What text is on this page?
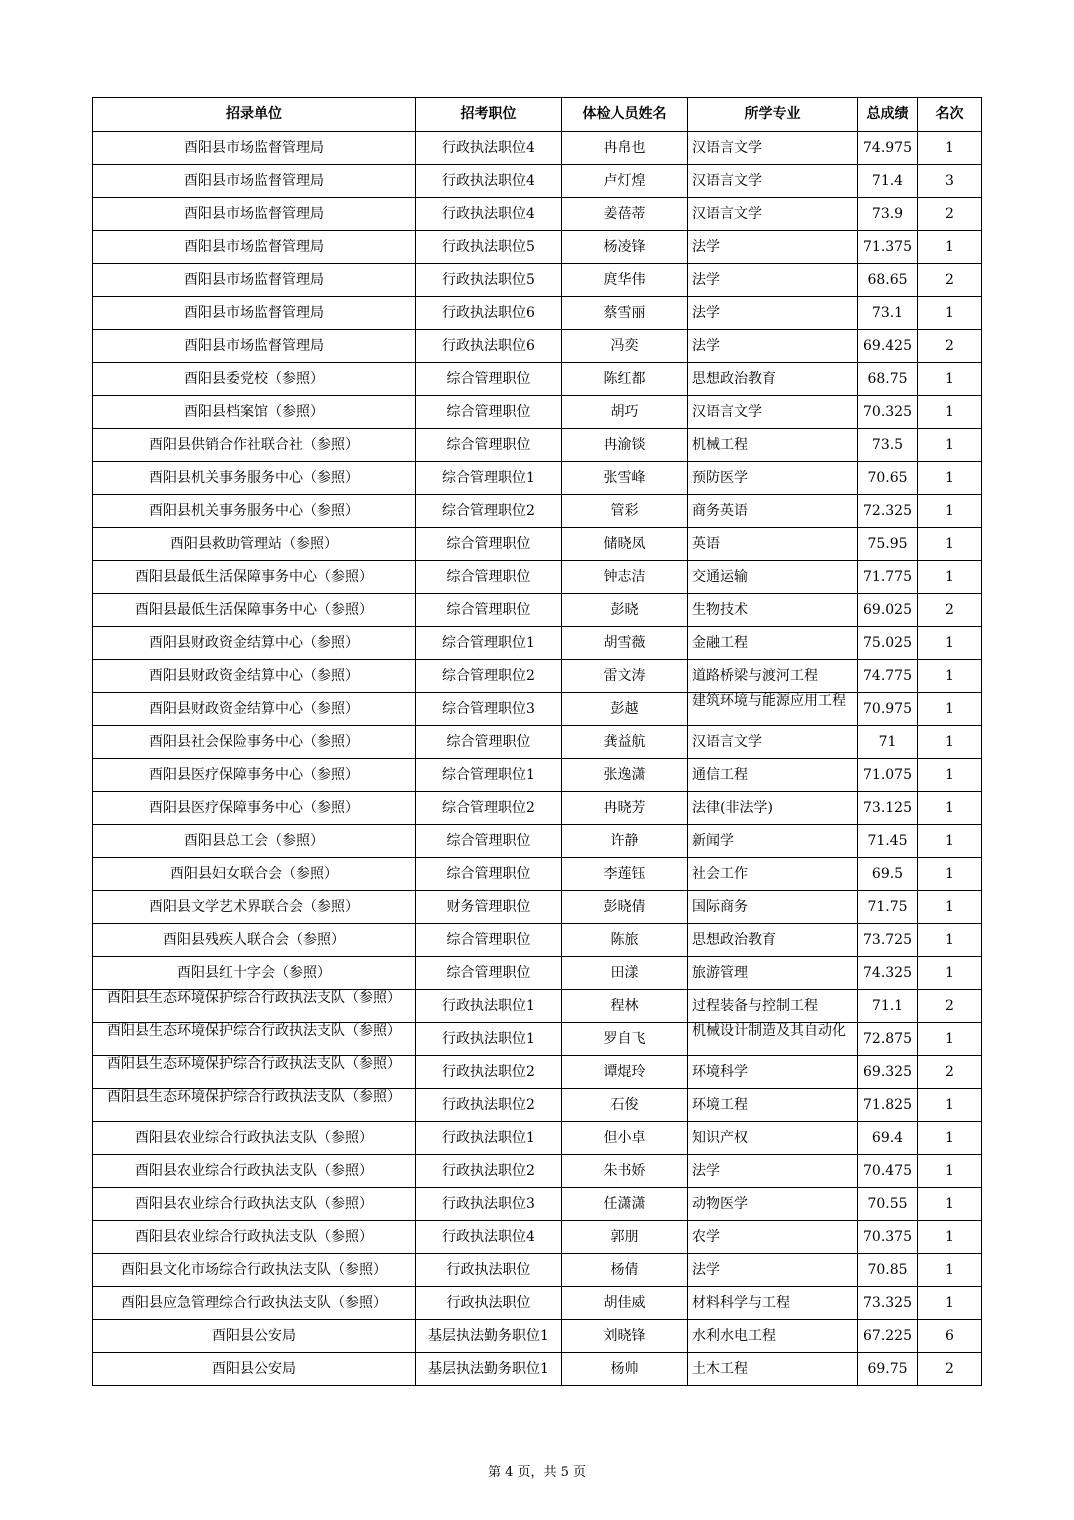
招录单位	招考职位	体检人员姓名	所学专业	总成绩	名次
酉阳县市场监督管理局	行政执法职位4	冉帛也	汉语言文学	74.975	1
酉阳县市场监督管理局	行政执法职位4	卢灯煌	汉语言文学	71.4	3
酉阳县市场监督管理局	行政执法职位4	姜蓓蒂	汉语言文学	73.9	2
酉阳县市场监督管理局	行政执法职位5	杨凌锋	法学	71.375	1
酉阳县市场监督管理局	行政执法职位5	庹华伟	法学	68.65	2
酉阳县市场监督管理局	行政执法职位6	蔡雪丽	法学	73.1	1
酉阳县市场监督管理局	行政执法职位6	冯奕	法学	69.425	2
酉阳县委党校（参照）	综合管理职位	陈红都	思想政治教育	68.75	1
酉阳县档案馆（参照）	综合管理职位	胡巧	汉语言文学	70.325	1
酉阳县供销合作社联合社（参照）	综合管理职位	冉渝锬	机械工程	73.5	1
酉阳县机关事务服务中心（参照）	综合管理职位1	张雪峰	预防医学	70.65	1
酉阳县机关事务服务中心（参照）	综合管理职位2	管彩	商务英语	72.325	1
酉阳县救助管理站（参照）	综合管理职位	储晓凤	英语	75.95	1
酉阳县最低生活保障事务中心（参照）	综合管理职位	钟志洁	交通运输	71.775	1
酉阳县最低生活保障事务中心（参照）	综合管理职位	彭晓	生物技术	69.025	2
酉阳县财政资金结算中心（参照）	综合管理职位1	胡雪薇	金融工程	75.025	1
酉阳县财政资金结算中心（参照）	综合管理职位2	雷文涛	道路桥梁与渡河工程	74.775	1
酉阳县财政资金结算中心（参照）	综合管理职位3	彭越	建筑环境与能源应用工程	70.975	1
酉阳县社会保险事务中心（参照）	综合管理职位	龚益航	汉语言文学	71	1
酉阳县医疗保障事务中心（参照）	综合管理职位1	张逸潇	通信工程	71.075	1
酉阳县医疗保障事务中心（参照）	综合管理职位2	冉晓芳	法律(非法学)	73.125	1
酉阳县总工会（参照）	综合管理职位	许静	新闻学	71.45	1
酉阳县妇女联合会（参照）	综合管理职位	李莲钰	社会工作	69.5	1
酉阳县文学艺术界联合会（参照）	财务管理职位	彭晓倩	国际商务	71.75	1
酉阳县残疾人联合会（参照）	综合管理职位	陈旅	思想政治教育	73.725	1
酉阳县红十字会（参照）	综合管理职位	田漾	旅游管理	74.325	1
酉阳县生态环境保护综合行政执法支队（参照）	行政执法职位1	程林	过程装备与控制工程	71.1	2
酉阳县生态环境保护综合行政执法支队（参照）	行政执法职位1	罗自飞	机械设计制造及其自动化	72.875	1
酉阳县生态环境保护综合行政执法支队（参照）	行政执法职位2	谭焜玲	环境科学	69.325	2
酉阳县生态环境保护综合行政执法支队（参照）	行政执法职位2	石俊	环境工程	71.825	1
酉阳县农业综合行政执法支队（参照）	行政执法职位1	但小卓	知识产权	69.4	1
酉阳县农业综合行政执法支队（参照）	行政执法职位2	朱书娇	法学	70.475	1
酉阳县农业综合行政执法支队（参照）	行政执法职位3	任潇潇	动物医学	70.55	1
酉阳县农业综合行政执法支队（参照）	行政执法职位4	郭朋	农学	70.375	1
酉阳县文化市场综合行政执法支队（参照）	行政执法职位	杨倩	法学	70.85	1
酉阳县应急管理综合行政执法支队（参照）	行政执法职位	胡佳威	材料科学与工程	73.325	1
酉阳县公安局	基层执法勤务职位1	刘晓锋	水利水电工程	67.225	6
酉阳县公安局	基层执法勤务职位1	杨帅	土木工程	69.75	2
第 4 页，共 5 页
